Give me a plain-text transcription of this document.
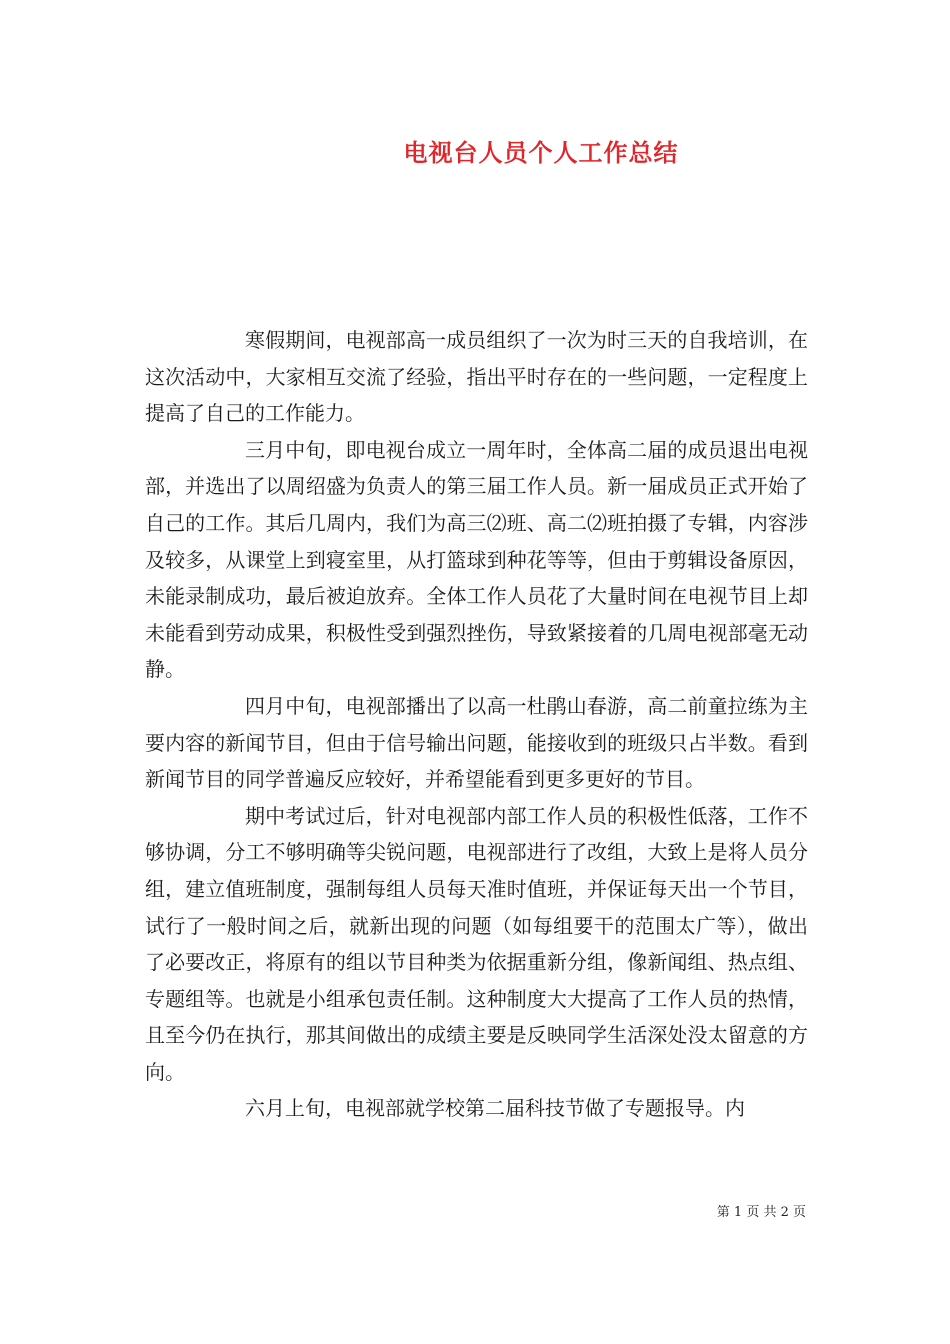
电视台人员个人工作总结

寒假期间，电视部高一成员组织了一次为时三天的自我培训，在这次活动中，大家相互交流了经验，指出平时存在的一些问题，一定程度上提高了自己的工作能力。

三月中旬，即电视台成立一周年时，全体高二届的成员退出电视部，并选出了以周绍盛为负责人的第三届工作人员。新一届成员正式开始了自己的工作。其后几周内，我们为高三⑵班、高二⑵班拍摄了专辑，内容涉及较多，从课堂上到寝室里，从打篮球到种花等等，但由于剪辑设备原因，未能录制成功，最后被迫放弃。全体工作人员花了大量时间在电视节目上却未能看到劳动成果，积极性受到强烈挫伤，导致紧接着的几周电视部毫无动静。

四月中旬，电视部播出了以高一杜鹃山春游，高二前童拉练为主要内容的新闻节目，但由于信号输出问题，能接收到的班级只占半数。看到新闻节目的同学普遍反应较好，并希望能看到更多更好的节目。

期中考试过后，针对电视部内部工作人员的积极性低落，工作不够协调，分工不够明确等尖锐问题，电视部进行了改组，大致上是将人员分组，建立值班制度，强制每组人员每天准时值班，并保证每天出一个节目，试行了一般时间之后，就新出现的问题（如每组要干的范围太广等），做出了必要改正，将原有的组以节目种类为依据重新分组，像新闻组、热点组、专题组等。也就是小组承包责任制。这种制度大大提高了工作人员的热情，且至今仍在执行，那其间做出的成绩主要是反映同学生活深处没太留意的方向。

六月上旬，电视部就学校第二届科技节做了专题报导。内

第 1 页 共 2 页
